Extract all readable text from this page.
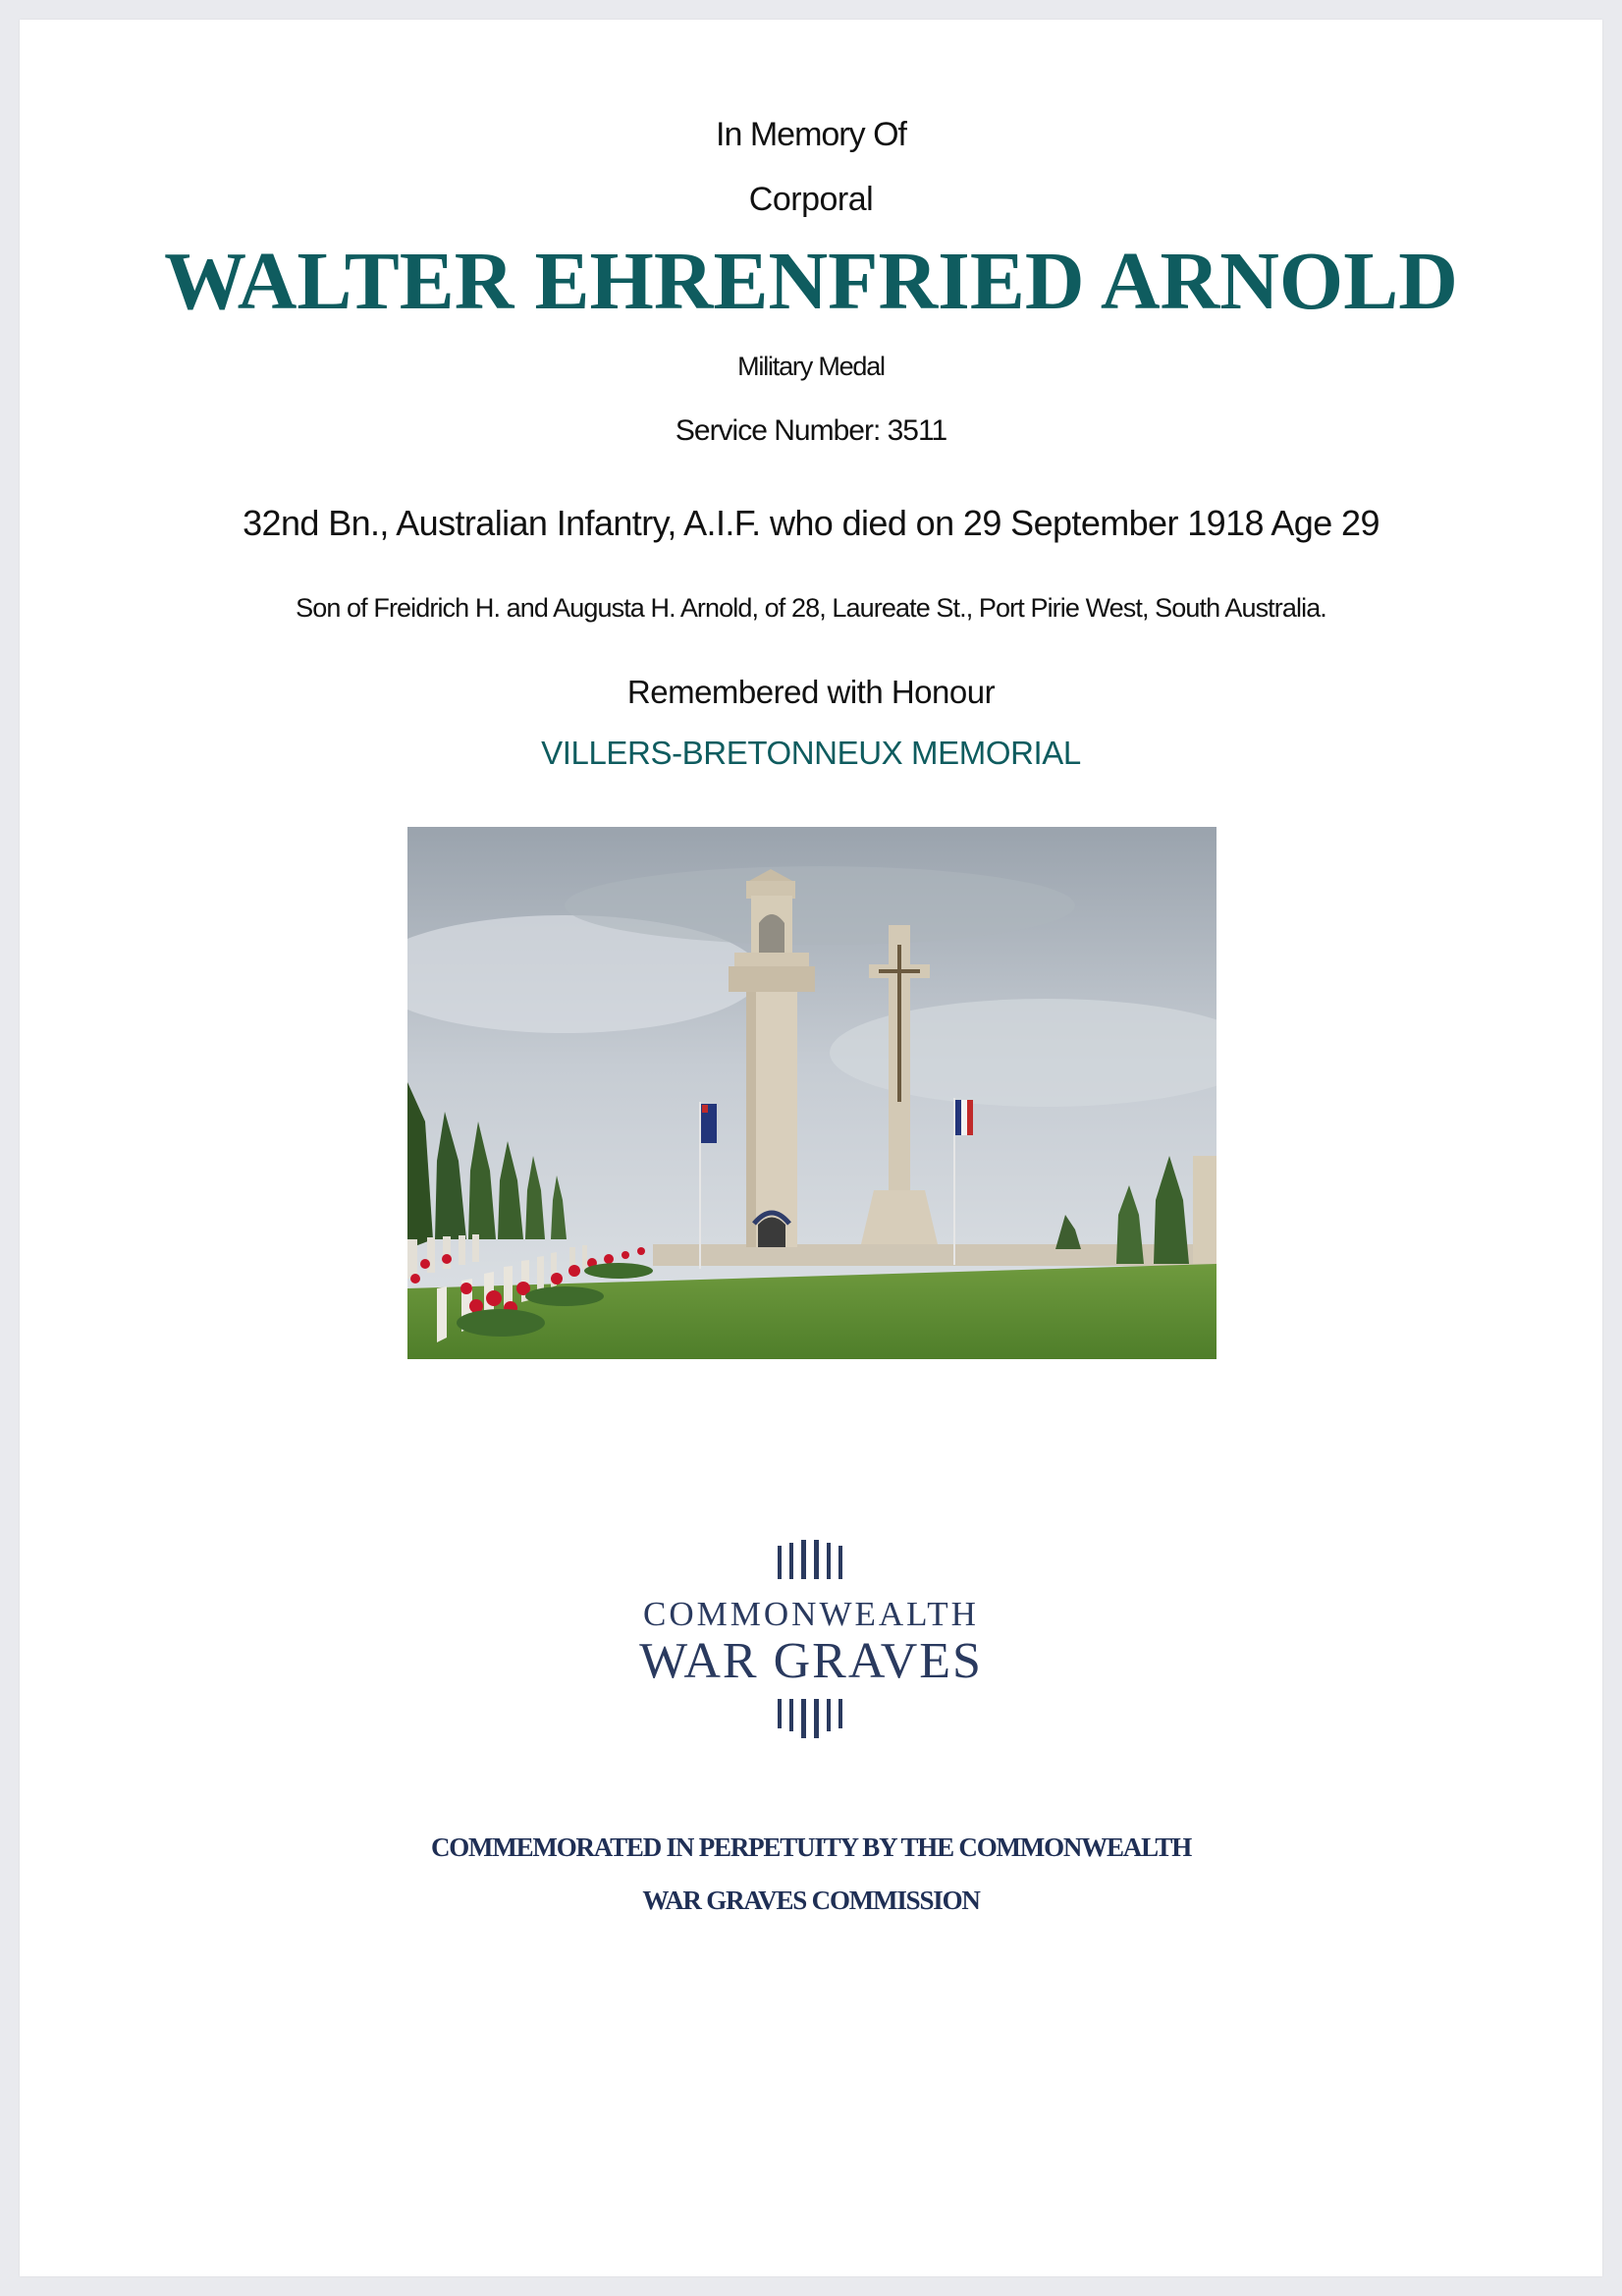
In Memory Of
Corporal
WALTER EHRENFRIED ARNOLD
Military Medal
Service Number: 3511
32nd Bn., Australian Infantry, A.I.F. who died on 29 September 1918 Age 29
Son of Freidrich H. and Augusta H. Arnold, of 28, Laureate St., Port Pirie West, South Australia.
Remembered with Honour
VILLERS-BRETONNEUX MEMORIAL
COMMONWEALTH
WAR GRAVES
COMMEMORATED IN PERPETUITY BY THE COMMONWEALTH
WAR GRAVES COMMISSION
